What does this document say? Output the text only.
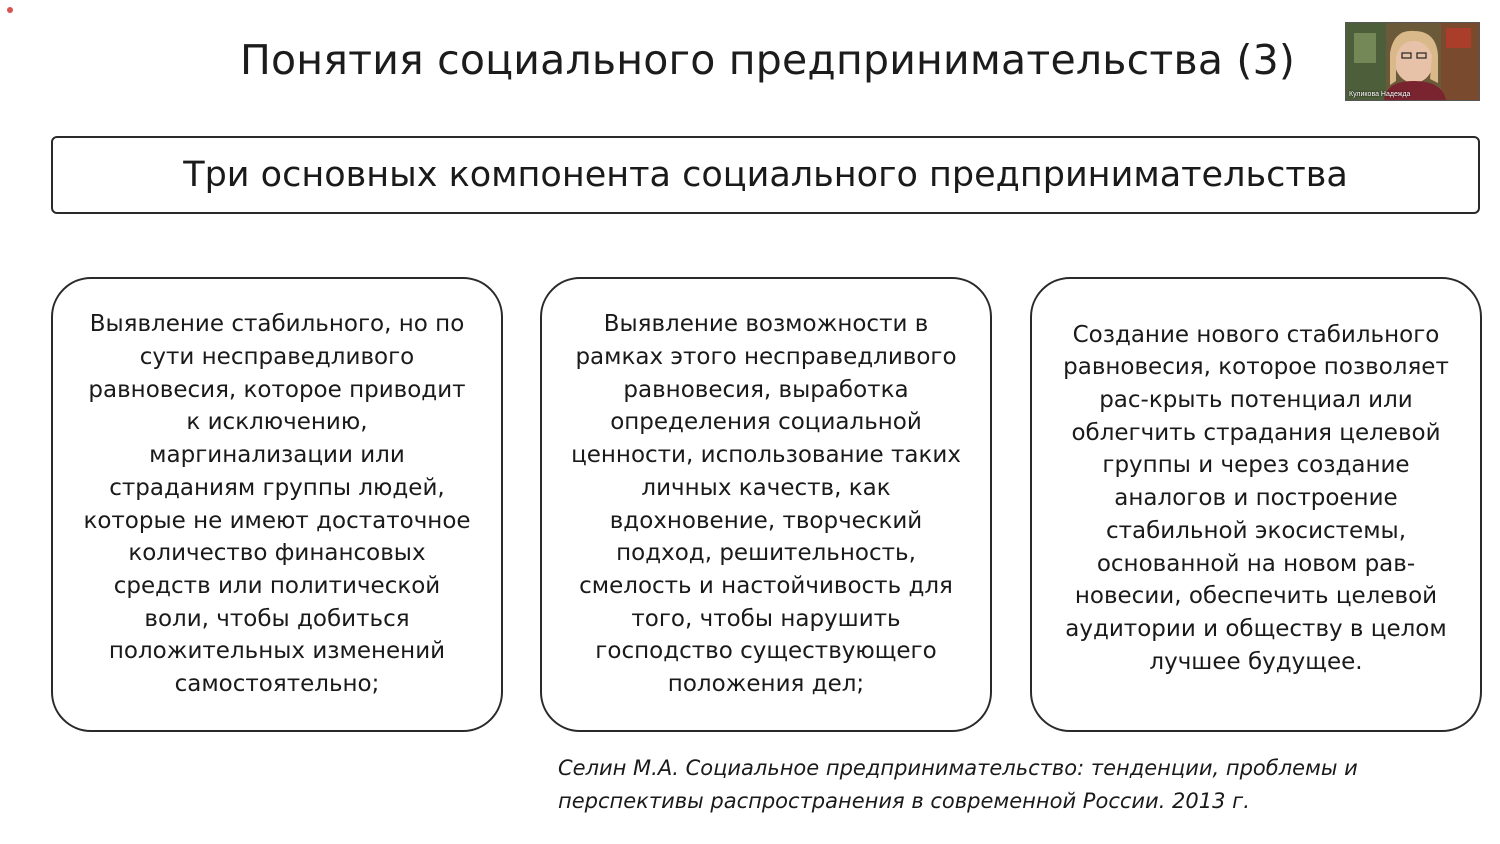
Понятия социального предпринимательства (3)
Куликова Надежда
Три основных компонента социального предпринимательства

Выявление стабильного, но по
сути несправедливого
равновесия, которое приводит
к исключению,
маргинализации или
страданиям группы людей,
которые не имеют достаточное
количество финансовых
средств или политической
воли, чтобы добиться
положительных изменений
самостоятельно;

Выявление возможности в
рамках этого несправедливого
равновесия, выработка
определения социальной
ценности, использование таких
личных качеств, как
вдохновение, творческий
подход, решительность,
смелость и настойчивость для
того, чтобы нарушить
господство существующего
положения дел;

Создание нового стабильного
равновесия, которое позволяет
рас-крыть потенциал или
облегчить страдания целевой
группы и через создание
аналогов и построение
стабильной экосистемы,
основанной на новом рав-
новесии, обеспечить целевой
аудитории и обществу в целом
лучшее будущее.

Селин М.А. Социальное предпринимательство: тенденции, проблемы и
перспективы распространения в современной России. 2013 г.
